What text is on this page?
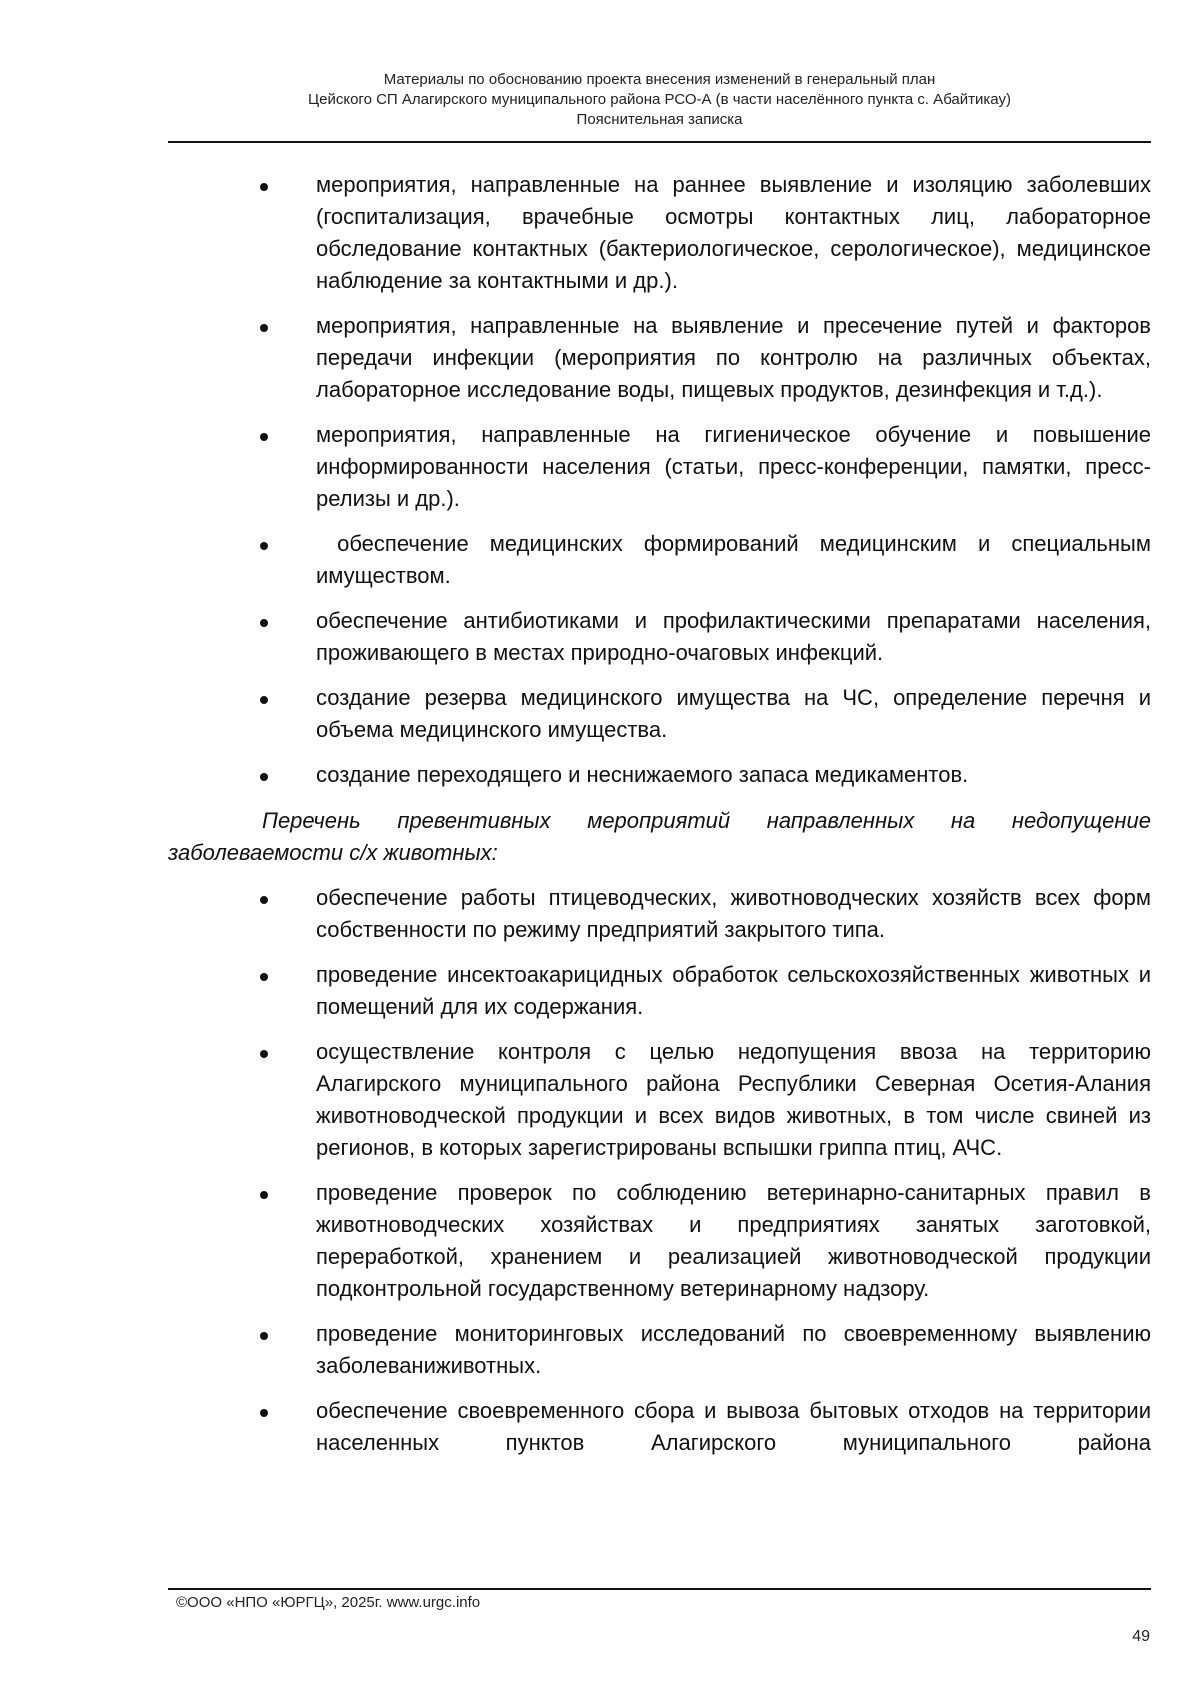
Материалы по обоснованию проекта внесения изменений в генеральный план
Цейского СП Алагирского муниципального района РСО-А (в части населённого пункта с. Абайтикау)
Пояснительная записка
мероприятия, направленные на раннее выявление и изоляцию заболевших (госпитализация, врачебные осмотры контактных лиц, лабораторное обследование контактных (бактериологическое, серологическое), медицинское наблюдение за контактными и др.).
мероприятия, направленные на выявление и пресечение путей и факторов передачи инфекции (мероприятия по контролю на различных объектах, лабораторное исследование воды, пищевых продуктов, дезинфекция и т.д.).
мероприятия, направленные на гигиеническое обучение и повышение информированности населения (статьи, пресс-конференции, памятки, пресс-релизы и др.).
обеспечение медицинских формирований медицинским и специальным имуществом.
обеспечение антибиотиками и профилактическими препаратами населения, проживающего в местах природно-очаговых инфекций.
создание резерва медицинского имущества на ЧС, определение перечня и объема медицинского имущества.
создание переходящего и неснижаемого запаса медикаментов.

Перечень превентивных мероприятий направленных на недопущение заболеваемости с/х животных:

обеспечение работы птицеводческих, животноводческих хозяйств всех форм собственности по режиму предприятий закрытого типа.
проведение инсектоакарицидных обработок сельскохозяйственных животных и помещений для их содержания.
осуществление контроля с целью недопущения ввоза на территорию Алагирского муниципального района Республики Северная Осетия-Алания животноводческой продукции и всех видов животных, в том числе свиней из регионов, в которых зарегистрированы вспышки гриппа птиц, АЧС.
проведение проверок по соблюдению ветеринарно-санитарных правил в животноводческих хозяйствах и предприятиях занятых заготовкой, переработкой, хранением и реализацией животноводческой продукции подконтрольной государственному ветеринарному надзору.
проведение мониторинговых исследований по своевременному выявлению заболеваниживотных.
обеспечение своевременного сбора и вывоза бытовых отходов на территории населенных пунктов Алагирского муниципального района
©ООО «НПО «ЮРГЦ», 2025г. www.urgc.info
49
